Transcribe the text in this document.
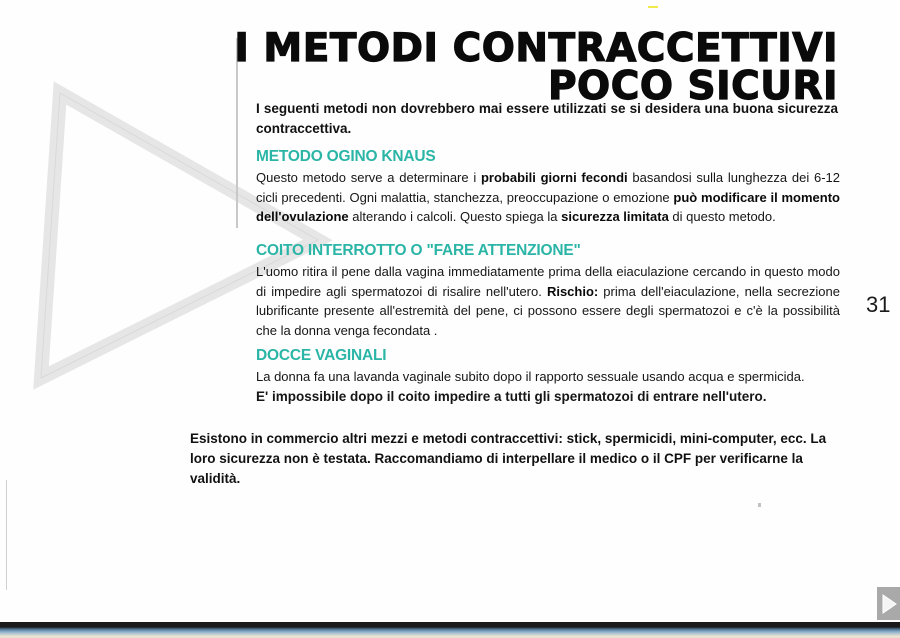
I METODI CONTRACCETTIVI
POCO SICURI
I seguenti metodi non dovrebbero mai essere utilizzati se si desidera una buona sicurezza contraccettiva.
METODO OGINO KNAUS

Questo metodo serve a determinare i probabili giorni fecondi basandosi sulla lunghezza dei 6-12 cicli precedenti. Ogni malattia, stanchezza, preoccupazione o emozione può modificare il momento dell'ovulazione alterando i calcoli. Questo spiega la sicurezza limitata di questo metodo.

COITO INTERROTTO O "FARE ATTENZIONE"

L'uomo ritira il pene dalla vagina immediatamente prima della eiaculazione cercando in questo modo di impedire agli spermatozoi di risalire nell'utero. Rischio: prima dell'eiaculazione, nella secrezione lubrificante presente all'estremità del pene, ci possono essere degli spermatozoi e c'è la possibilità che la donna venga fecondata .

DOCCE VAGINALI

La donna fa una lavanda vaginale subito dopo il rapporto sessuale usando acqua e spermicida.

E' impossibile dopo il coito impedire a tutti gli spermatozoi di entrare nell'utero.

Esistono in commercio altri mezzi e metodi contraccettivi: stick, spermicidi, mini-computer, ecc. La loro sicurezza non è testata. Raccomandiamo di interpellare il medico o il CPF per verificarne la validità.
31
